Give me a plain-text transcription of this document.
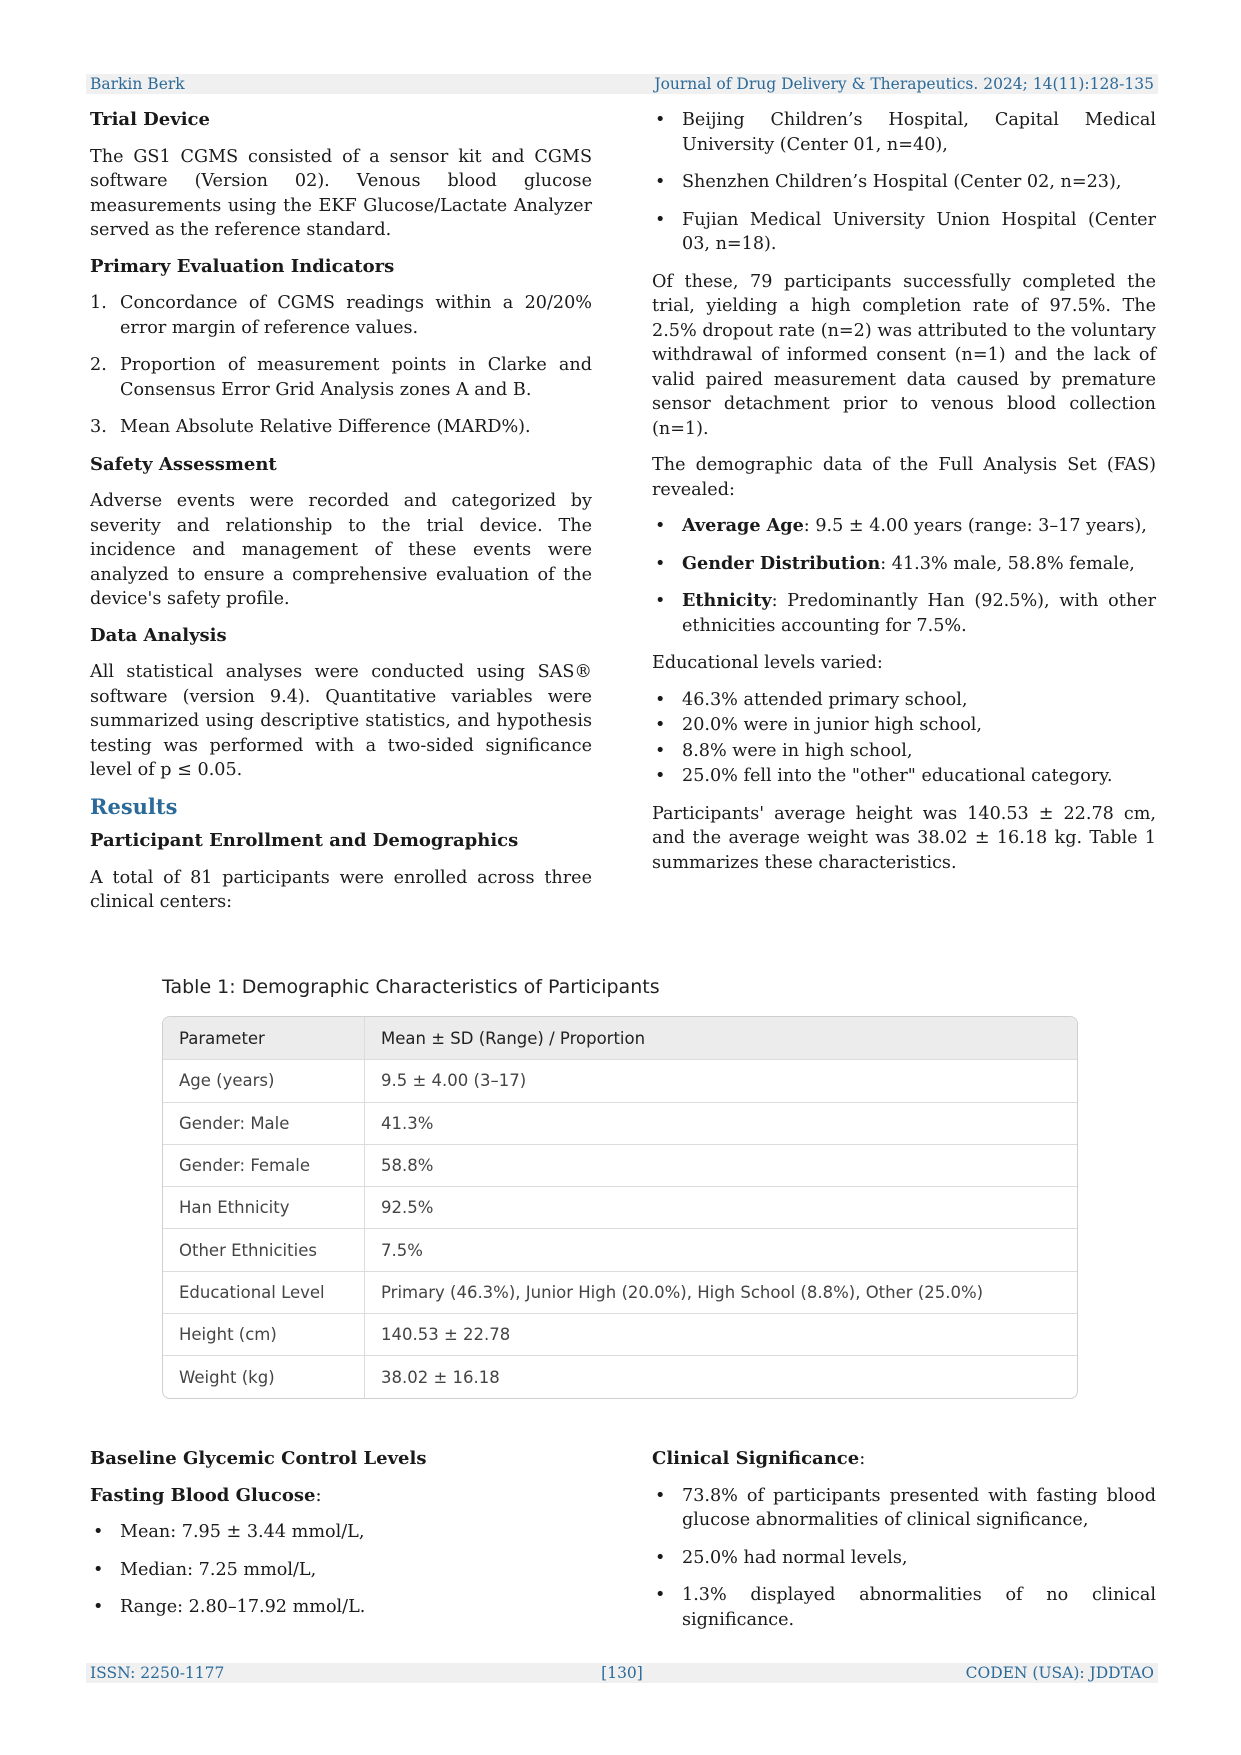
Barkin Berk	Journal of Drug Delivery & Therapeutics. 2024; 14(11):128-135
Trial Device

The GS1 CGMS consisted of a sensor kit and CGMS software (Version 02). Venous blood glucose measurements using the EKF Glucose/Lactate Analyzer served as the reference standard.

Primary Evaluation Indicators
1. Concordance of CGMS readings within a 20/20% error margin of reference values.
2. Proportion of measurement points in Clarke and Consensus Error Grid Analysis zones A and B.
3. Mean Absolute Relative Difference (MARD%).
Safety Assessment

Adverse events were recorded and categorized by severity and relationship to the trial device. The incidence and management of these events were analyzed to ensure a comprehensive evaluation of the device's safety profile.

Data Analysis

All statistical analyses were conducted using SAS® software (version 9.4). Quantitative variables were summarized using descriptive statistics, and hypothesis testing was performed with a two-sided significance level of p ≤ 0.05.

Results
Participant Enrollment and Demographics

A total of 81 participants were enrolled across three clinical centers:

• Beijing Children’s Hospital, Capital Medical University (Center 01, n=40),
• Shenzhen Children’s Hospital (Center 02, n=23),
• Fujian Medical University Union Hospital (Center 03, n=18).

Of these, 79 participants successfully completed the trial, yielding a high completion rate of 97.5%. The 2.5% dropout rate (n=2) was attributed to the voluntary withdrawal of informed consent (n=1) and the lack of valid paired measurement data caused by premature sensor detachment prior to venous blood collection (n=1).

The demographic data of the Full Analysis Set (FAS) revealed:

• Average Age: 9.5 ± 4.00 years (range: 3–17 years),
• Gender Distribution: 41.3% male, 58.8% female,
• Ethnicity: Predominantly Han (92.5%), with other ethnicities accounting for 7.5%.

Educational levels varied:

• 46.3% attended primary school,
• 20.0% were in junior high school,
• 8.8% were in high school,
• 25.0% fell into the "other" educational category.

Participants' average height was 140.53 ± 22.78 cm, and the average weight was 38.02 ± 16.18 kg. Table 1 summarizes these characteristics.

Table 1: Demographic Characteristics of Participants
Parameter	Mean ± SD (Range) / Proportion
Age (years)	9.5 ± 4.00 (3–17)
Gender: Male	41.3%
Gender: Female	58.8%
Han Ethnicity	92.5%
Other Ethnicities	7.5%
Educational Level	Primary (46.3%), Junior High (20.0%), High School (8.8%), Other (25.0%)
Height (cm)	140.53 ± 22.78
Weight (kg)	38.02 ± 16.18
Baseline Glycemic Control Levels
Fasting Blood Glucose:
• Mean: 7.95 ± 3.44 mmol/L,
• Median: 7.25 mmol/L,
• Range: 2.80–17.92 mmol/L.
Clinical Significance:
• 73.8% of participants presented with fasting blood glucose abnormalities of clinical significance,
• 25.0% had normal levels,
• 1.3% displayed abnormalities of no clinical significance.
ISSN: 2250-1177	[130]	CODEN (USA): JDDTAO
